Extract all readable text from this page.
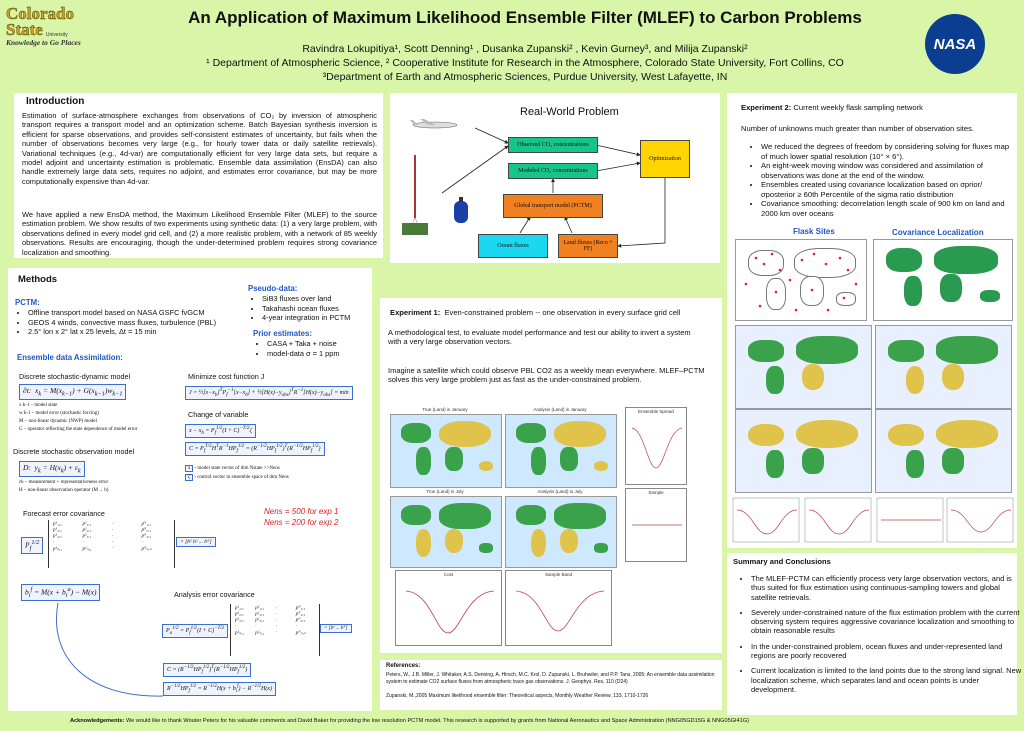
Colorado
State University
Knowledge to Go Places
An Application of Maximum Likelihood Ensemble Filter (MLEF) to Carbon Problems
Ravindra Lokupitiya¹, Scott Denning¹ , Dusanka Zupanski² , Kevin Gurney³, and Milija Zupanski²
¹ Department of Atmospheric Science, ² Cooperative Institute for Research in the Atmosphere, Colorado State University, Fort Collins, CO
³Department of Earth and Atmospheric Sciences, Purdue University, West Lafayette, IN
NASA
Introduction
Estimation of surface-atmosphere exchanges from observations of CO₂ by inversion of atmospheric transport requires a transport model and an optimization scheme. Batch Bayesian synthesis inversion is efficient for sparse observations, and provides self-consistent estimates of uncertainty, but fails when the number of observations becomes very large (e.g., for hourly tower data or daily satellite retrievals). Variational techniques (e.g., 4d-var) are computationally efficient for very large data sets, but require a model adjoint and uncertainty estimation is problematic. Ensemble data assimilation (EnsDA) can also handle extremely large data sets, requires no adjoint, and estimates error covariance, but may be more computationally expensive than 4d-var.
We have applied a new EnsDA method, the Maximum Likelihood Ensemble Filter (MLEF) to the source estimation problem. We show results of two experiments using synthetic data: (1) a very large problem, with observations defined in every model grid cell, and (2) a more realistic problem, with a network of 85 weekly observations. Results are encouraging, though the under-determined problem requires strong covariance localization and smoothing.
Real-World Problem
Observed CO₂ concentrations
Modeled CO₂ concentrations
Global transport model (PCTM)
Optimization
Ocean fluxes	Land fluxes (Reco + FF)
Experiment 2: Current weekly flask sampling network
Number of unknowns much greater than number of observation sites.
• We reduced the degrees of freedom by considering solving for fluxes map of much lower spatial resolution (10° × 6°).
• An eight-week moving window was considered and assimilation of observations was done at the end of the window.
• Ensembles created using covariance localization based on σprior/ σposterior ≥ 60th Percentile of the sigma ratio distribution
• Covariance smoothing: decorrelation length scale of 900 km on land and 2000 km over oceans
Flask Sites	Covariance Localization
Methods
PCTM:
• Offline transport model based on NASA GSFC fvGCM
• GEOS 4 winds, convective mass fluxes, turbulence (PBL)
• 2.5° lon x 2° lat x 25 levels, Δt = 15 min
Pseudo-data:
• SiB3 fluxes over land
• Takahashi ocean fluxes
• 4-year integration in PCTM
Prior estimates:
• CASA + Taka + noise
• model-data σ = 1 ppm
Ensemble data Assimilation:
Discrete stochastic-dynamic model
∂t:  $x_k = M(x_{k-1}) + G(x_{k-1})w_{k-1}$
x k-1 – model state
w k-1 – model error (stochastic forcing)
M – non-linear dynamic (NWP) model
G – operator reflecting the state dependence of model error
Discrete stochastic observation model
D:  $y_k = H(x_k) + \varepsilon_k$
εk – measurement + representativeness error
H – non-linear observation operator (M→ h)
Minimize cost function J
$J = \frac{1}{2}[x-x_b]^TP_f^{-1}[x-x_b]$ + $\frac{1}{2}[H(x)-y_{obs}]^TR^{-1}[H(x)-y_{obs}] = \min$
Change of variable
$x - x_b = P_f^{1/2}(I + C)^{-T/2}\zeta$
$C = P_f^{T/2}H^TR^{-1}HP_f^{1/2} = (R^{-1/2}HP_f^{1/2})^T(R^{-1/2}HP_f^{1/2})$
x - model state vector of dim Nstate >>Nens
ζ - control vector in ensemble space of dim Nens
Nens = 500 for exp 1
Nens = 200 for exp 2
Forecast error covariance
$P_f^{1/2}$
p¹₁,₁	p²₁,₁	·	pᴺ₁,₁
p¹₂,₁	p²₂,₁	·	pᴺ₂,₁
p¹₃,₁	p²₃,₁	·	pᴺ₃,₁
·	·	·	·
p¹ₙ,₁	p²ₙ,₁	·	pᴺₙ,ₙ
= [b¹ b² ... bᴺ]
$b_i^f = M(x + b_i^a) - M(x)$	Analysis error covariance
$P_a^{1/2} = P_f^{1/2}(I + C)^{-T/2}$
p¹₁,₁	p²₁,₁	·	pᴺ₁,₁
p¹₂,₁	p²₂,₁	·	pᴺ₂,₁
p¹₃,₁	p²₃,₁	·	pᴺ₃,₁
·	·	·	·
p¹ₙ,₁	p²ₙ,₁	·	pᴺₙ,ₙ
= [b¹ ... bᴺ]
$C = (R^{-1/2}HP_f^{1/2})^T(R^{-1/2}HP_f^{1/2})$
$R^{-1/2}HP_f^{1/2} = R^{-1/2}H(x + b_i^f) - R^{-1/2}H(x)$
Experiment 1: Even-constrained problem -- one observation in every surface grid cell
A methodological test, to evaluate model performance and test our ability to invert a system with a very large observation vectors.
Imagine a satellite which could observe PBL CO2 as a weekly mean everywhere. MLEF–PCTM solves this very large problem just as fast as the under-constrained problem.
True (Land) in January	Analysis (Land) in January
True (Land) in July	Analysis (Land) in July
Ensemble Spread
Sample
Cost	Sample Band
References:
Peters, W., J.B. Miller, J. Whitaker, A.S. Denning, A. Hirsch, M.C. Krol, D. Zupanski, L. Bruhwiler, and P.P. Tans, 2005: An ensemble data assimilation system to estimate CO2 surface fluxes from atmospheric trace gas observations. J. Geophys. Res, 110 (D24)
Zupanski, M.,2005 Maximum likelihood ensemble filter: Theoretical aspects, Monthly Weather Review, 133, 1710-1726
Summary and Conclusions
• The MLEF-PCTM can efficiently process very large observation vectors, and is thus suited for flux estimation using continuous-sampling towers and global satellite retrievals.
• Severely under-constrained nature of the flux estimation problem with the current observing system requires aggressive covariance localization and smoothing to obtain reasonable results
• In the under-constrained problem, ocean fluxes and under-represented land regions are poorly recovered
• Current localization is limited to the land points due to the strong land signal. New localization scheme, which separates land and ocean points is under development.
Acknowledgements: We would like to thank Wouter Peters for his valuable comments and David Baker for providing the low resolution PCTM model. This research is supported by grants from National Aeronautics and Space Administration (NNG05GD15G & NNG05GI41G)
